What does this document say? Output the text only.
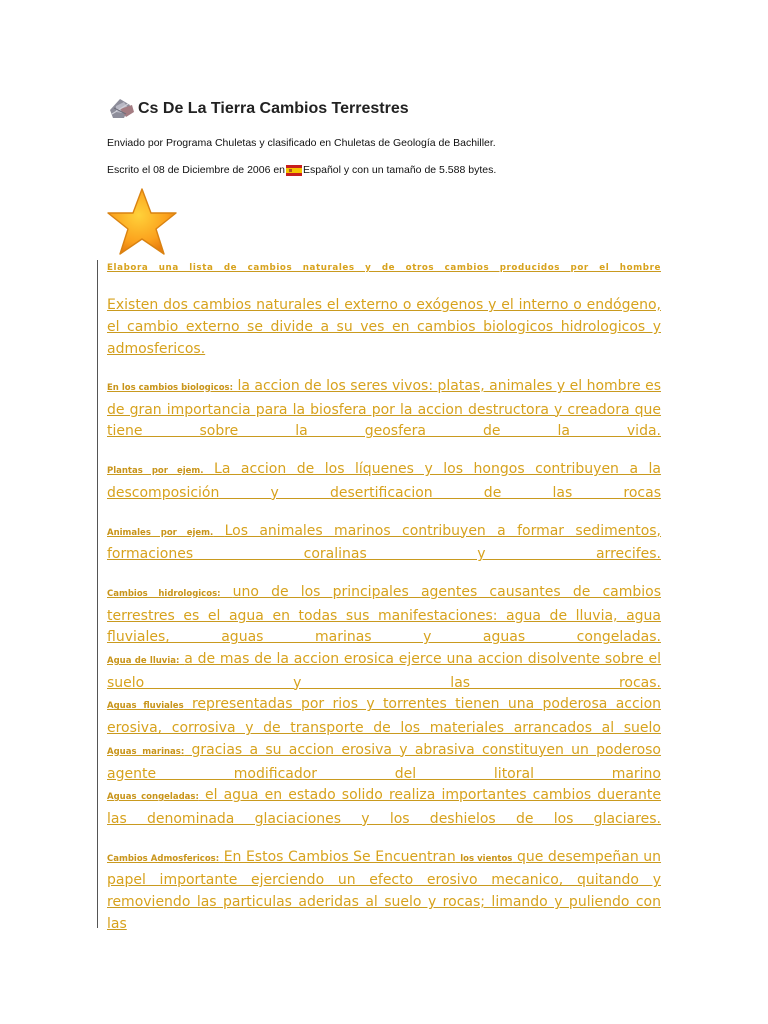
Cs De La Tierra Cambios Terrestres
Enviado por Programa Chuletas y clasificado en Chuletas de Geología de Bachiller.
Escrito el 08 de Diciembre de 2006 en Español y con un tamaño de 5.588 bytes.

Elabora una lista de cambios naturales y de otros cambios producidos por el hombre

Existen dos cambios naturales el externo o exógenos y el interno o endógeno, el cambio externo se divide a su ves en cambios biologicos hidrologicos y admosfericos.

En los cambios biologicos: la accion de los seres vivos: platas, animales y el hombre es de gran importancia para la biosfera por la accion destructora y creadora que tiene sobre la geosfera de la vida.

Plantas por ejem. La accion de los líquenes y los hongos contribuyen a la descomposición y desertificacion de las rocas

Animales por ejem. Los animales marinos contribuyen a formar sedimentos, formaciones coralinas y arrecifes.

Cambios hidrologicos: uno de los principales agentes causantes de cambios terrestres es el agua en todas sus manifestaciones: agua de lluvia, agua fluviales, aguas marinas y aguas congeladas.

Agua de lluvia: a de mas de la accion erosica ejerce una accion disolvente sobre el suelo y las rocas.

Aguas fluviales representadas por rios y torrentes tienen una poderosa accion erosiva, corrosiva y de transporte de los materiales arrancados al suelo

Aguas marinas: gracias a su accion erosiva y abrasiva constituyen un poderoso agente modificador del litoral marino

Aguas congeladas: el agua en estado solido realiza importantes cambios duerante las denominada glaciaciones y los deshielos de los glaciares.

Cambios Admosfericos: En Estos Cambios Se Encuentran los vientos que desempeñan un papel importante ejerciendo un efecto erosivo mecanico, quitando y removiendo las particulas aderidas al suelo y rocas; limando y puliendo con las
